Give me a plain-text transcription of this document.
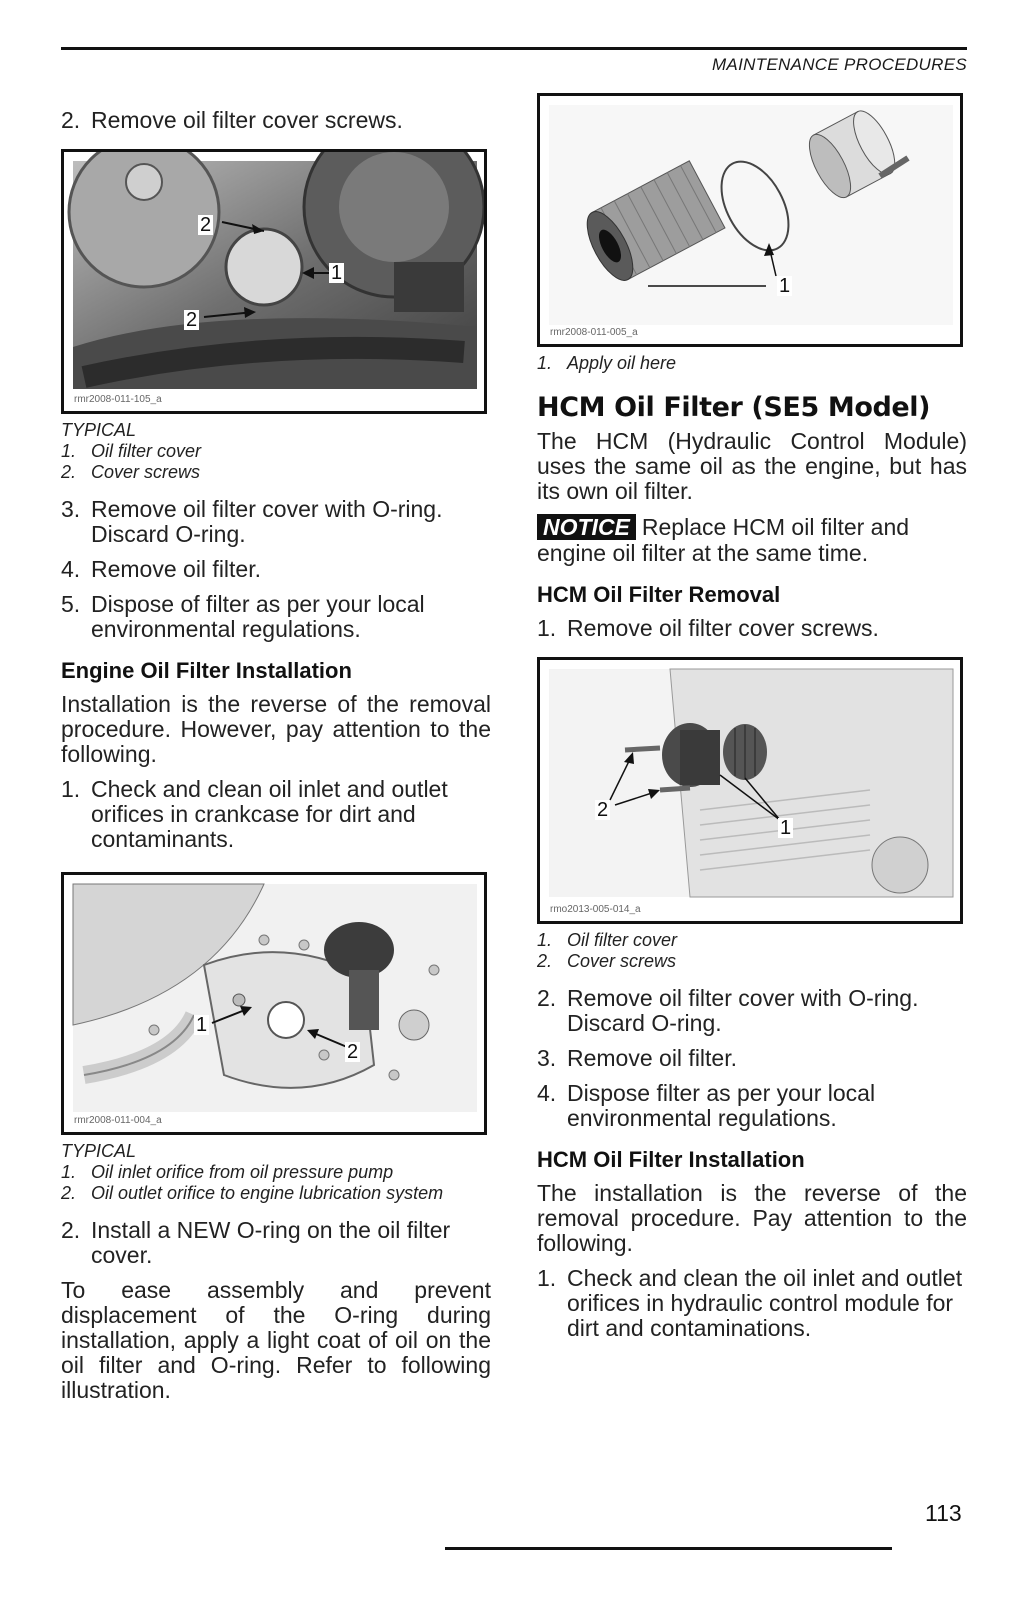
MAINTENANCE PROCEDURES
2. Remove oil filter cover screws.
2
1
2
rmr2008-011-105_a
TYPICAL
1. Oil filter cover
2. Cover screws
3. Remove oil filter cover with O-ring. Discard O-ring.
4. Remove oil filter.
5. Dispose of filter as per your local environmental regulations.
Engine Oil Filter Installation
Installation is the reverse of the removal procedure. However, pay attention to the following.
1. Check and clean oil inlet and outlet orifices in crankcase for dirt and contaminants.
1
2
rmr2008-011-004_a
TYPICAL
1. Oil inlet orifice from oil pressure pump
2. Oil outlet orifice to engine lubrication system
2. Install a NEW O-ring on the oil filter cover.
To ease assembly and prevent displacement of the O-ring during installation, apply a light coat of oil on the oil filter and O-ring. Refer to following illustration.
1
rmr2008-011-005_a
1. Apply oil here
HCM Oil Filter (SE5 Model)
The HCM (Hydraulic Control Module) uses the same oil as the engine, but has its own oil filter.
NOTICE Replace HCM oil filter and engine oil filter at the same time.
HCM Oil Filter Removal
1. Remove oil filter cover screws.
2
1
rmo2013-005-014_a
1. Oil filter cover
2. Cover screws
2. Remove oil filter cover with O-ring. Discard O-ring.
3. Remove oil filter.
4. Dispose filter as per your local environmental regulations.
HCM Oil Filter Installation
The installation is the reverse of the removal procedure. Pay attention to the following.
1. Check and clean the oil inlet and outlet orifices in hydraulic control module for dirt and contaminations.
113
